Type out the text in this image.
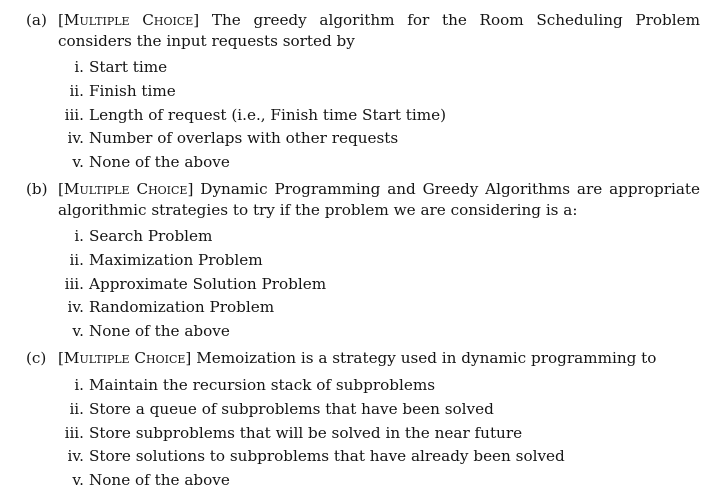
(a) [Multiple Choice] The greedy algorithm for the Room Scheduling Problem considers the input requests sorted by
i. Start time
ii. Finish time
iii. Length of request (i.e., Finish time Start time)
iv. Number of overlaps with other requests
v. None of the above
(b) [Multiple Choice] Dynamic Programming and Greedy Algorithms are appropriate algorithmic strategies to try if the problem we are considering is a:
i. Search Problem
ii. Maximization Problem
iii. Approximate Solution Problem
iv. Randomization Problem
v. None of the above
(c) [Multiple Choice] Memoization is a strategy used in dynamic programming to
i. Maintain the recursion stack of subproblems
ii. Store a queue of subproblems that have been solved
iii. Store subproblems that will be solved in the near future
iv. Store solutions to subproblems that have already been solved
v. None of the above
